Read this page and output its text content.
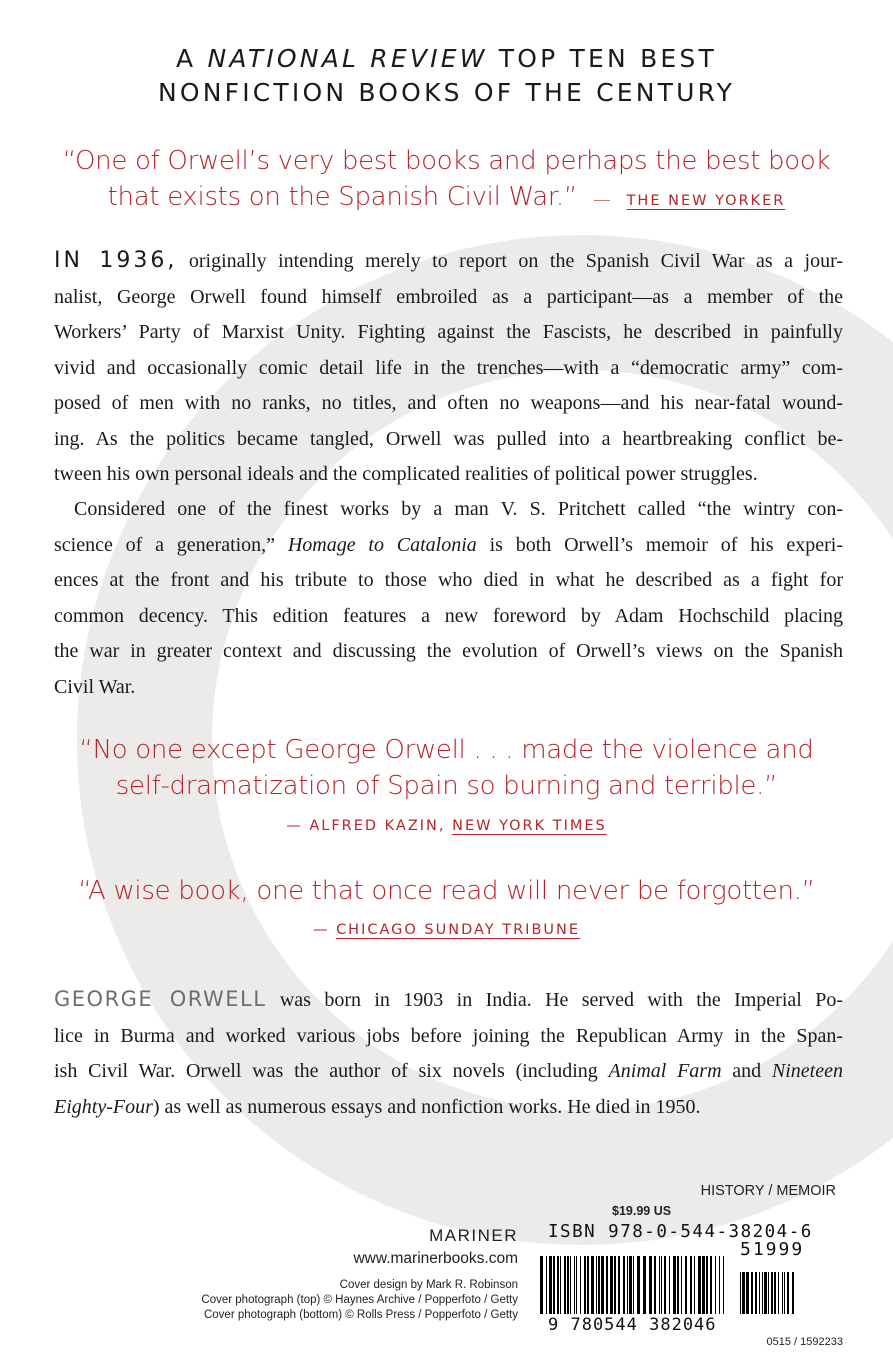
A NATIONAL REVIEW TOP TEN BEST
NONFICTION BOOKS OF THE CENTURY
“One of Orwell’s very best books and perhaps the best book
that exists on the Spanish Civil War.” — THE NEW YORKER
IN 1936, originally intending merely to report on the Spanish Civil War as a jour-
nalist, George Orwell found himself embroiled as a participant—as a member of the
Workers’ Party of Marxist Unity. Fighting against the Fascists, he described in painfully
vivid and occasionally comic detail life in the trenches—with a “democratic army” com-
posed of men with no ranks, no titles, and often no weapons—and his near-fatal wound-
ing. As the politics became tangled, Orwell was pulled into a heartbreaking conflict be-
tween his own personal ideals and the complicated realities of political power struggles.
Considered one of the finest works by a man V. S. Pritchett called “the wintry con-
science of a generation,” Homage to Catalonia is both Orwell’s memoir of his experi-
ences at the front and his tribute to those who died in what he described as a fight for
common decency. This edition features a new foreword by Adam Hochschild placing
the war in greater context and discussing the evolution of Orwell’s views on the Spanish
Civil War.
“No one except George Orwell . . . made the violence and
self-dramatization of Spain so burning and terrible.”
— ALFRED KAZIN, NEW YORK TIMES
“A wise book, one that once read will never be forgotten.”
— CHICAGO SUNDAY TRIBUNE
GEORGE ORWELL was born in 1903 in India. He served with the Imperial Po-
lice in Burma and worked various jobs before joining the Republican Army in the Span-
ish Civil War. Orwell was the author of six novels (including Animal Farm and Nineteen
Eighty-Four) as well as numerous essays and nonfiction works. He died in 1950.
MARINER
www.marinerbooks.com
Cover design by Mark R. Robinson
Cover photograph (top) © Haynes Archive / Popperfoto / Getty
Cover photograph (bottom) © Rolls Press / Popperfoto / Getty
HISTORY / MEMOIR
$19.99 US
ISBN 978-0-544-38204-6
51999
9 780544 382046
0515 / 1592233
